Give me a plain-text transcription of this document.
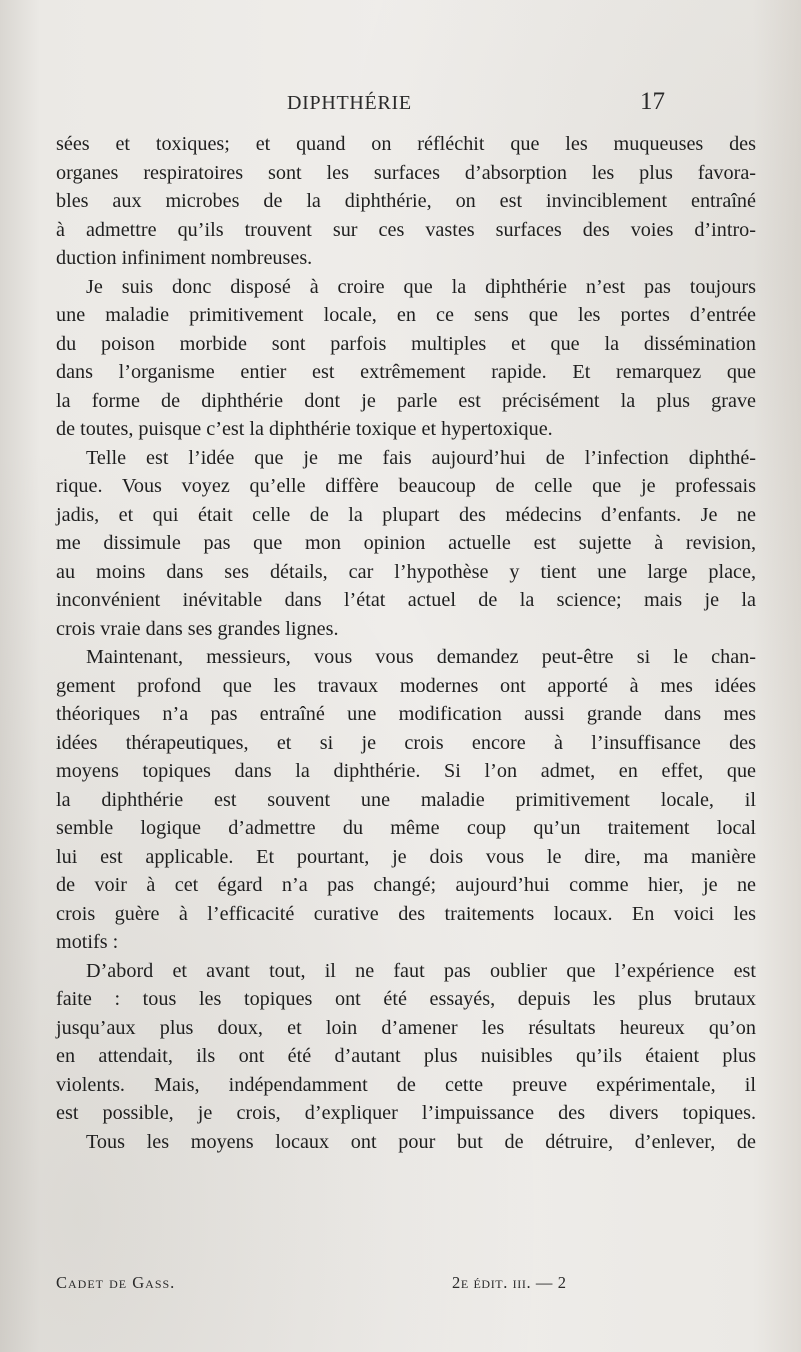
DIPHTHÉRIE	17
sées et toxiques; et quand on réfléchit que les muqueuses des
organes respiratoires sont les surfaces d’absorption les plus favora-
bles aux microbes de la diphthérie, on est invinciblement entraîné
à admettre qu’ils trouvent sur ces vastes surfaces des voies d’intro-
duction infiniment nombreuses.
Je suis donc disposé à croire que la diphthérie n’est pas toujours
une maladie primitivement locale, en ce sens que les portes d’entrée
du poison morbide sont parfois multiples et que la dissémination
dans l’organisme entier est extrêmement rapide. Et remarquez que
la forme de diphthérie dont je parle est précisément la plus grave
de toutes, puisque c’est la diphthérie toxique et hypertoxique.
Telle est l’idée que je me fais aujourd’hui de l’infection diphthé-
rique. Vous voyez qu’elle diffère beaucoup de celle que je professais
jadis, et qui était celle de la plupart des médecins d’enfants. Je ne
me dissimule pas que mon opinion actuelle est sujette à revision,
au moins dans ses détails, car l’hypothèse y tient une large place,
inconvénient inévitable dans l’état actuel de la science; mais je la
crois vraie dans ses grandes lignes.
Maintenant, messieurs, vous vous demandez peut-être si le chan-
gement profond que les travaux modernes ont apporté à mes idées
théoriques n’a pas entraîné une modification aussi grande dans mes
idées thérapeutiques, et si je crois encore à l’insuffisance des
moyens topiques dans la diphthérie. Si l’on admet, en effet, que
la diphthérie est souvent une maladie primitivement locale, il
semble logique d’admettre du même coup qu’un traitement local
lui est applicable. Et pourtant, je dois vous le dire, ma manière
de voir à cet égard n’a pas changé; aujourd’hui comme hier, je ne
crois guère à l’efficacité curative des traitements locaux. En voici les
motifs :
D’abord et avant tout, il ne faut pas oublier que l’expérience est
faite : tous les topiques ont été essayés, depuis les plus brutaux
jusqu’aux plus doux, et loin d’amener les résultats heureux qu’on
en attendait, ils ont été d’autant plus nuisibles qu’ils étaient plus
violents. Mais, indépendamment de cette preuve expérimentale, il
est possible, je crois, d’expliquer l’impuissance des divers topiques.
Tous les moyens locaux ont pour but de détruire, d’enlever, de
Cadet de Gass.	2e édit. iii. — 2
